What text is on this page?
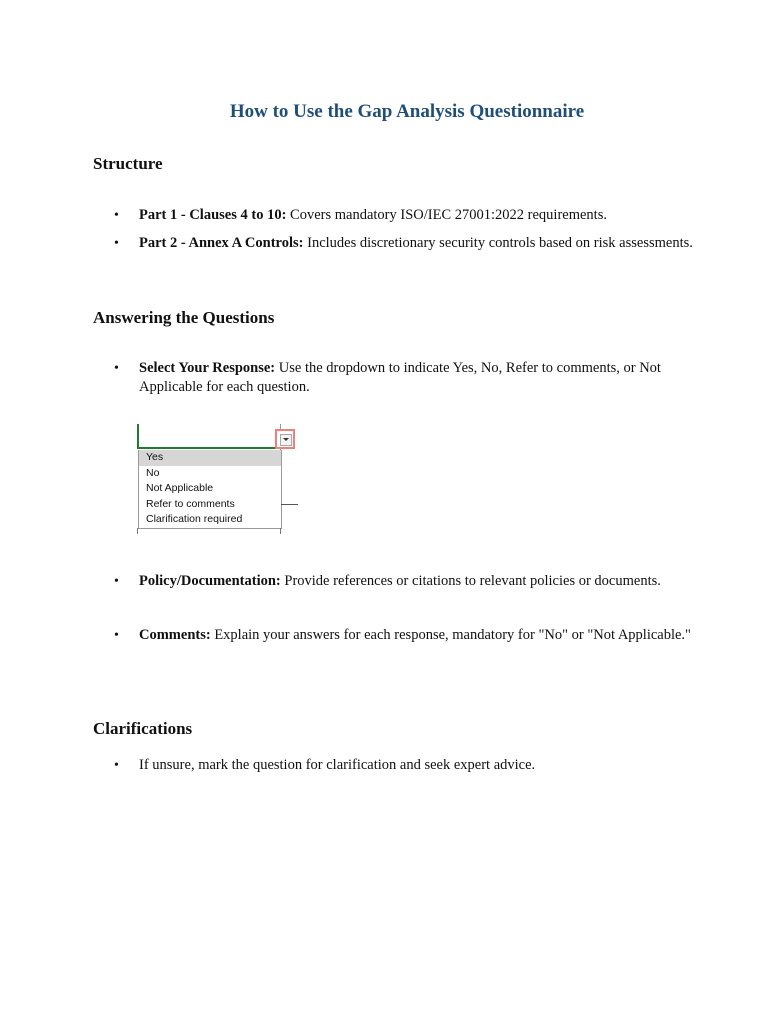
How to Use the Gap Analysis Questionnaire
Structure
• Part 1 - Clauses 4 to 10: Covers mandatory ISO/IEC 27001:2022 requirements.
• Part 2 - Annex A Controls: Includes discretionary security controls based on risk assessments.
Answering the Questions
• Select Your Response: Use the dropdown to indicate Yes, No, Refer to comments, or Not Applicable for each question.
Yes
No
Not Applicable
Refer to comments
Clarification required
• Policy/Documentation: Provide references or citations to relevant policies or documents.
• Comments: Explain your answers for each response, mandatory for "No" or "Not Applicable."
Clarifications
• If unsure, mark the question for clarification and seek expert advice.
